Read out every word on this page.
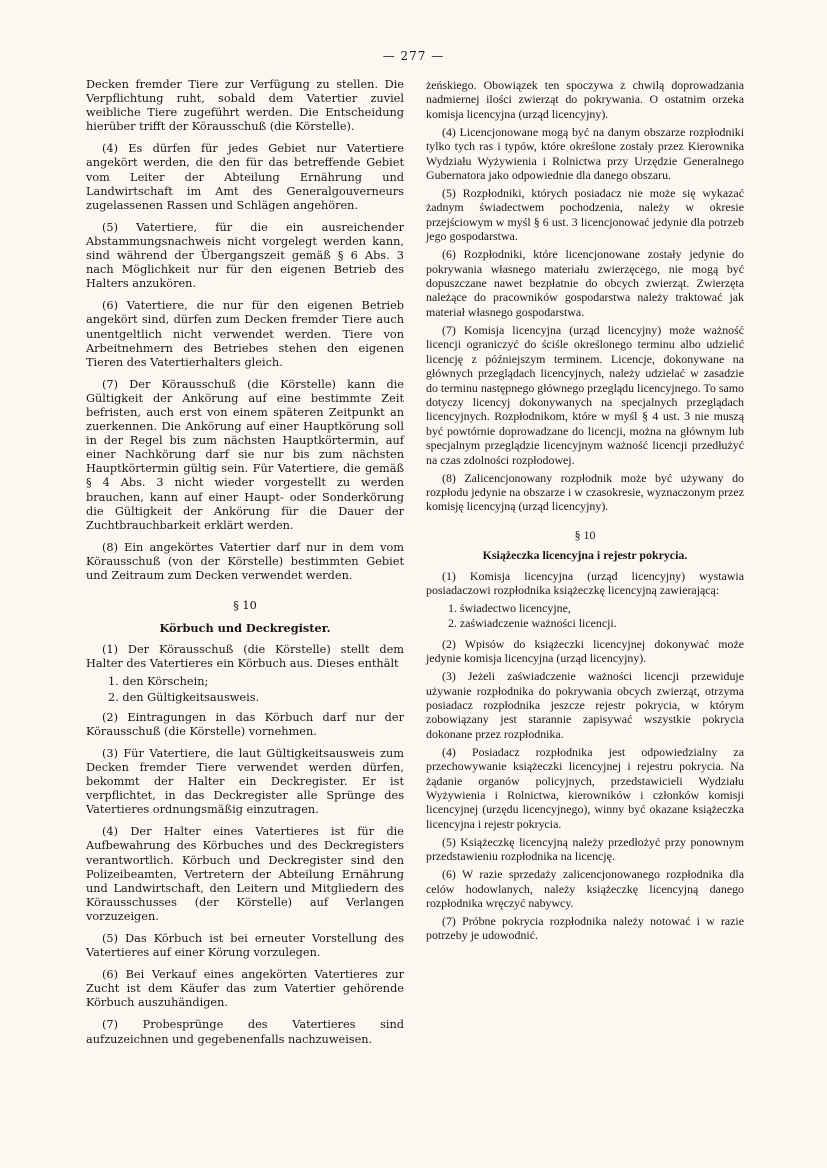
— 277 —

Decken fremder Tiere zur Verfügung zu stellen. Die Verpflichtung ruht, sobald dem Vatertier zuviel weibliche Tiere zugeführt werden. Die Entscheidung hierüber trifft der Körausschuß (die Körstelle).

(4) Es dürfen für jedes Gebiet nur Vatertiere angekört werden, die den für das betreffende Gebiet vom Leiter der Abteilung Ernährung und Landwirtschaft im Amt des Generalgouverneurs zugelassenen Rassen und Schlägen angehören.

(5) Vatertiere, für die ein ausreichender Abstammungsnachweis nicht vorgelegt werden kann, sind während der Übergangszeit gemäß § 6 Abs. 3 nach Möglichkeit nur für den eigenen Betrieb des Halters anzukören.

(6) Vatertiere, die nur für den eigenen Betrieb angekört sind, dürfen zum Decken fremder Tiere auch unentgeltlich nicht verwendet werden. Tiere von Arbeitnehmern des Betriebes stehen den eigenen Tieren des Vatertierhalters gleich.

(7) Der Körausschuß (die Körstelle) kann die Gültigkeit der Ankörung auf eine bestimmte Zeit befristen, auch erst von einem späteren Zeitpunkt an zuerkennen. Die Ankörung auf einer Hauptkörung soll in der Regel bis zum nächsten Hauptkörtermin, auf einer Nachkörung darf sie nur bis zum nächsten Hauptkörtermin gültig sein. Für Vatertiere, die gemäß § 4 Abs. 3 nicht wieder vorgestellt zu werden brauchen, kann auf einer Haupt- oder Sonderkörung die Gültigkeit der Ankörung für die Dauer der Zuchtbrauchbarkeit erklärt werden.

(8) Ein angekörtes Vatertier darf nur in dem vom Körausschuß (von der Körstelle) bestimmten Gebiet und Zeitraum zum Decken verwendet werden.

§ 10
Körbuch und Deckregister.

(1) Der Körausschuß (die Körstelle) stellt dem Halter des Vatertieres ein Körbuch aus. Dieses enthält

1. den Körschein;
2. den Gültigkeitsausweis.

(2) Eintragungen in das Körbuch darf nur der Körausschuß (die Körstelle) vornehmen.

(3) Für Vatertiere, die laut Gültigkeitsausweis zum Decken fremder Tiere verwendet werden dürfen, bekommt der Halter ein Deckregister. Er ist verpflichtet, in das Deckregister alle Sprünge des Vatertieres ordnungsmäßig einzutragen.

(4) Der Halter eines Vatertieres ist für die Aufbewahrung des Körbuches und des Deckregisters verantwortlich. Körbuch und Deckregister sind den Polizeibeamten, Vertretern der Abteilung Ernährung und Landwirtschaft, den Leitern und Mitgliedern des Körausschusses (der Körstelle) auf Verlangen vorzuzeigen.

(5) Das Körbuch ist bei erneuter Vorstellung des Vatertieres auf einer Körung vorzulegen.

(6) Bei Verkauf eines angekörten Vatertieres zur Zucht ist dem Käufer das zum Vatertier gehörende Körbuch auszuhändigen.

(7) Probesprünge des Vatertieres sind aufzuzeichnen und gegebenenfalls nachzuweisen.

żeńskiego. Obowiązek ten spoczywa z chwilą doprowadzania nadmiernej ilości zwierząt do pokrywania. O ostatnim orzeka komisja licencyjna (urząd licencyjny).

(4) Licencjonowane mogą być na danym obszarze rozpłodniki tylko tych ras i typów, które określone zostały przez Kierownika Wydziału Wyżywienia i Rolnictwa przy Urzędzie Generalnego Gubernatora jako odpowiednie dla danego obszaru.

(5) Rozpłodniki, których posiadacz nie może się wykazać żadnym świadectwem pochodzenia, należy w okresie przejściowym w myśl § 6 ust. 3 licencjonować jedynie dla potrzeb jego gospodarstwa.

(6) Rozpłodniki, które licencjonowane zostały jedynie do pokrywania własnego materiału zwierzęcego, nie mogą być dopuszczane nawet bezpłatnie do obcych zwierząt. Zwierzęta należące do pracowników gospodarstwa należy traktować jak materiał własnego gospodarstwa.

(7) Komisja licencyjna (urząd licencyjny) może ważność licencji ograniczyć do ściśle określonego terminu albo udzielić licencję z późniejszym terminem. Licencje, dokonywane na głównych przeglądach licencyjnych, należy udzielać w zasadzie do terminu następnego głównego przeglądu licencyjnego. To samo dotyczy licencyj dokonywanych na specjalnych przeglądach licencyjnych. Rozpłodnikom, które w myśl § 4 ust. 3 nie muszą być powtórnie doprowadzane do licencji, można na głównym lub specjalnym przeglądzie licencyjnym ważność licencji przedłużyć na czas zdolności rozpłodowej.

(8) Zalicencjonowany rozpłodnik może być używany do rozpłodu jedynie na obszarze i w czasokresie, wyznaczonym przez komisję licencyjną (urząd licencyjny).

§ 10
Książeczka licencyjna i rejestr pokrycia.

(1) Komisja licencyjna (urząd licencyjny) wystawia posiadaczowi rozpłodnika książeczkę licencyjną zawierającą:

1. świadectwo licencyjne,
2. zaświadczenie ważności licencji.

(2) Wpisów do książeczki licencyjnej dokonywać może jedynie komisja licencyjna (urząd licencyjny).

(3) Jeżeli zaświadczenie ważności licencji przewiduje używanie rozpłodnika do pokrywania obcych zwierząt, otrzyma posiadacz rozpłodnika jeszcze rejestr pokrycia, w którym zobowiązany jest starannie zapisywać wszystkie pokrycia dokonane przez rozpłodnika.

(4) Posiadacz rozpłodnika jest odpowiedzialny za przechowywanie książeczki licencyjnej i rejestru pokrycia. Na żądanie organów policyjnych, przedstawicieli Wydziału Wyżywienia i Rolnictwa, kierowników i członków komisji licencyjnej (urzędu licencyjnego), winny być okazane książeczka licencyjna i rejestr pokrycia.

(5) Książeczkę licencyjną należy przedłożyć przy ponownym przedstawieniu rozpłodnika na licencję.

(6) W razie sprzedaży zalicencjonowanego rozpłodnika dla celów hodowlanych, należy książeczkę licencyjną danego rozpłodnika wręczyć nabywcy.

(7) Próbne pokrycia rozpłodnika należy notować i w razie potrzeby je udowodnić.
